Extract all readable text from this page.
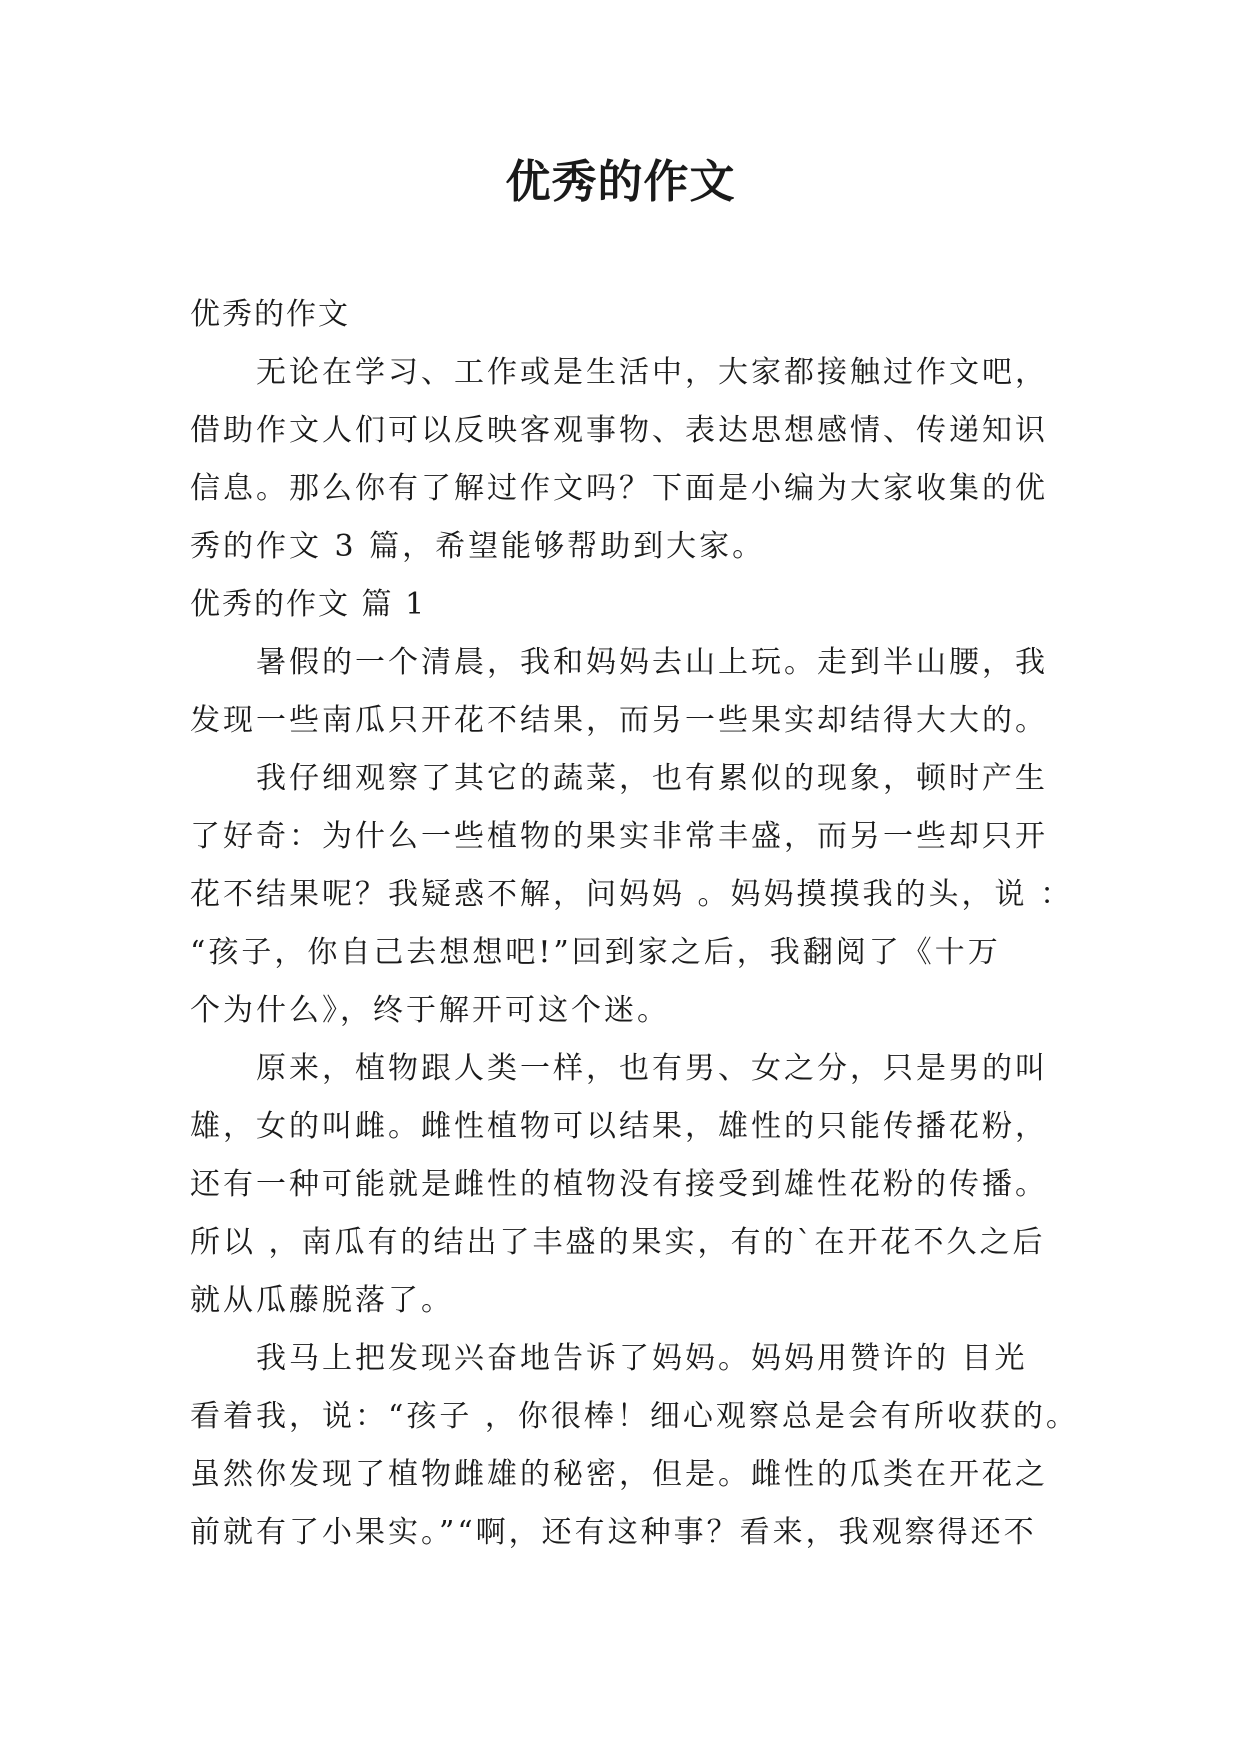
优秀的作文
优秀的作文
无论在学习、工作或是生活中，大家都接触过作文吧，
借助作文人们可以反映客观事物、表达思想感情、传递知识
信息。那么你有了解过作文吗？下面是小编为大家收集的优
秀的作文 3 篇，希望能够帮助到大家。
优秀的作文 篇 1
暑假的一个清晨，我和妈妈去山上玩。走到半山腰，我
发现一些南瓜只开花不结果，而另一些果实却结得大大的。
我仔细观察了其它的蔬菜，也有累似的现象，顿时产生
了好奇：为什么一些植物的果实非常丰盛，而另一些却只开
花不结果呢？我疑惑不解，问妈妈 。妈妈摸摸我的头，说 ：
“孩子，你自己去想想吧!”回到家之后，我翻阅了《十万
个为什么》，终于解开可这个迷。
原来，植物跟人类一样，也有男、女之分，只是男的叫
雄，女的叫雌。雌性植物可以结果，雄性的只能传播花粉，
还有一种可能就是雌性的植物没有接受到雄性花粉的传播。
所以 ，南瓜有的结出了丰盛的果实，有的`在开花不久之后
就从瓜藤脱落了。
我马上把发现兴奋地告诉了妈妈。妈妈用赞许的 目光
看着我，说：“孩子 ，你很棒！细心观察总是会有所收获的。
虽然你发现了植物雌雄的秘密，但是。雌性的瓜类在开花之
前就有了小果实。”“啊，还有这种事？看来，我观察得还不
